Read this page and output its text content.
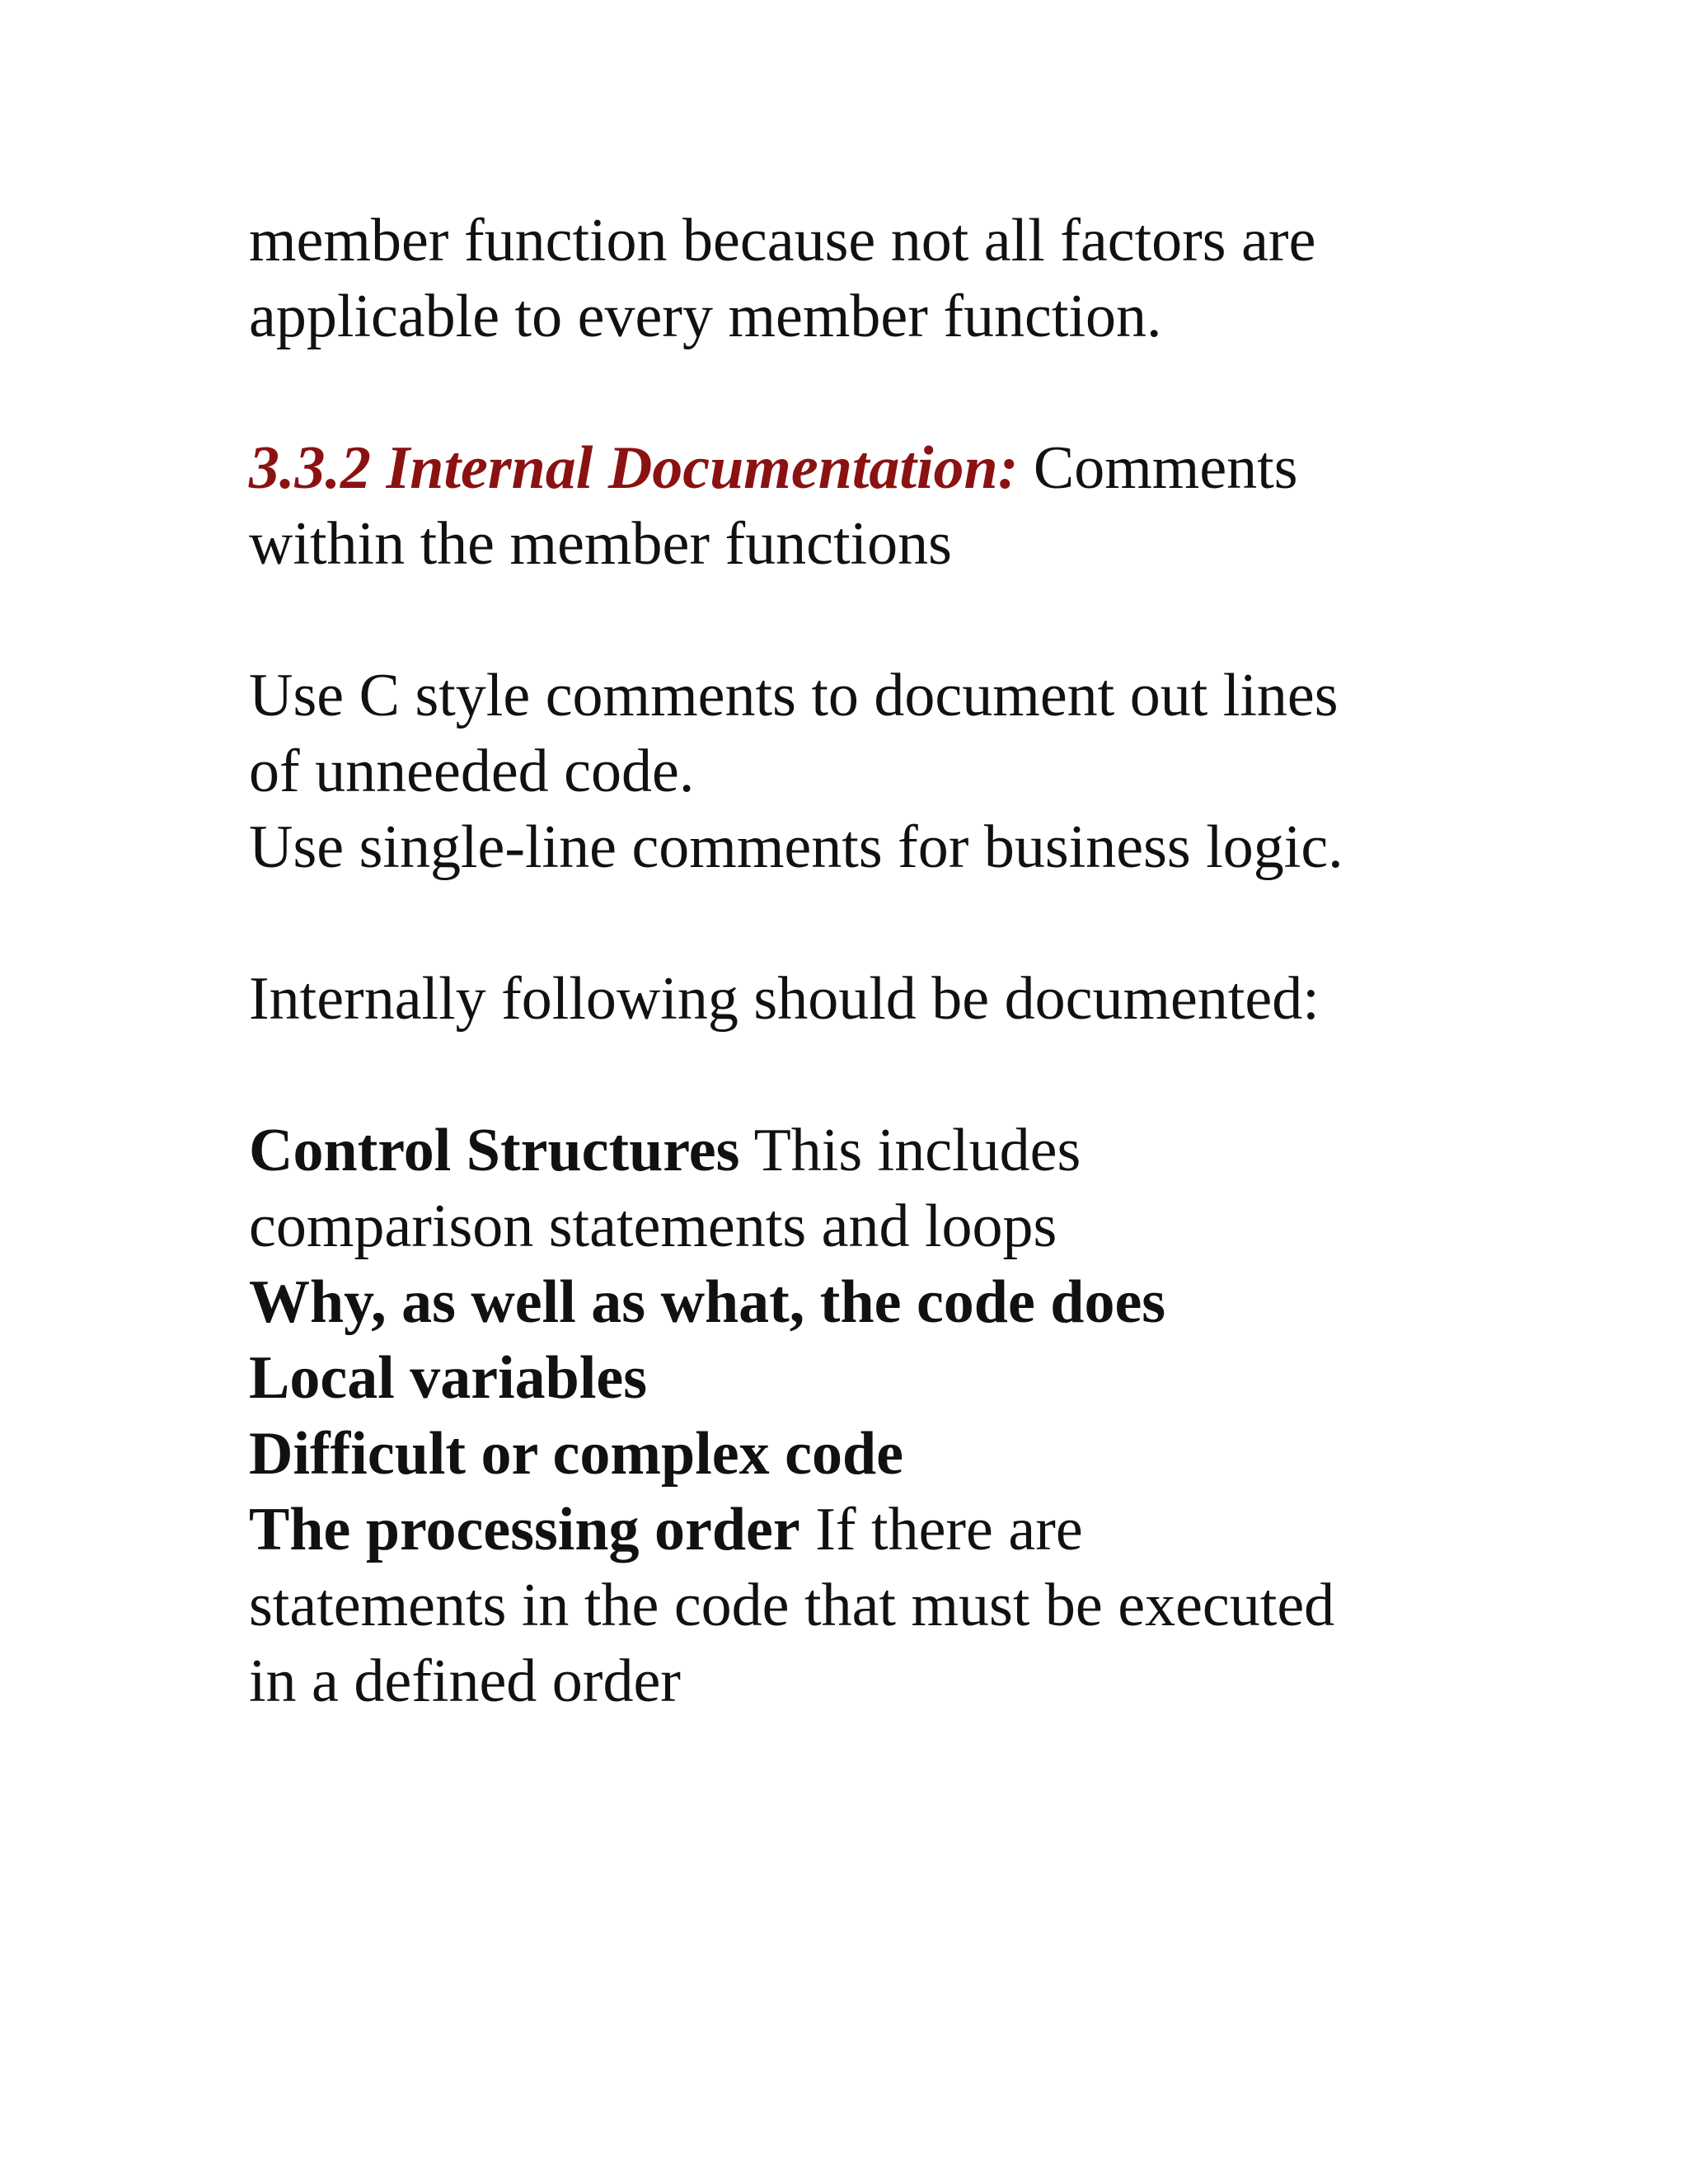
member function because not all factors are
applicable to every member function.
3.3.2 Internal Documentation: Comments
within the member functions
Use C style comments to document out lines
of unneeded code.
Use single-line comments for business logic.
Internally following should be documented:
Control Structures This includes
comparison statements and loops
Why, as well as what, the code does
Local variables
Difficult or complex code
The processing order If there are
statements in the code that must be executed
in a defined order
